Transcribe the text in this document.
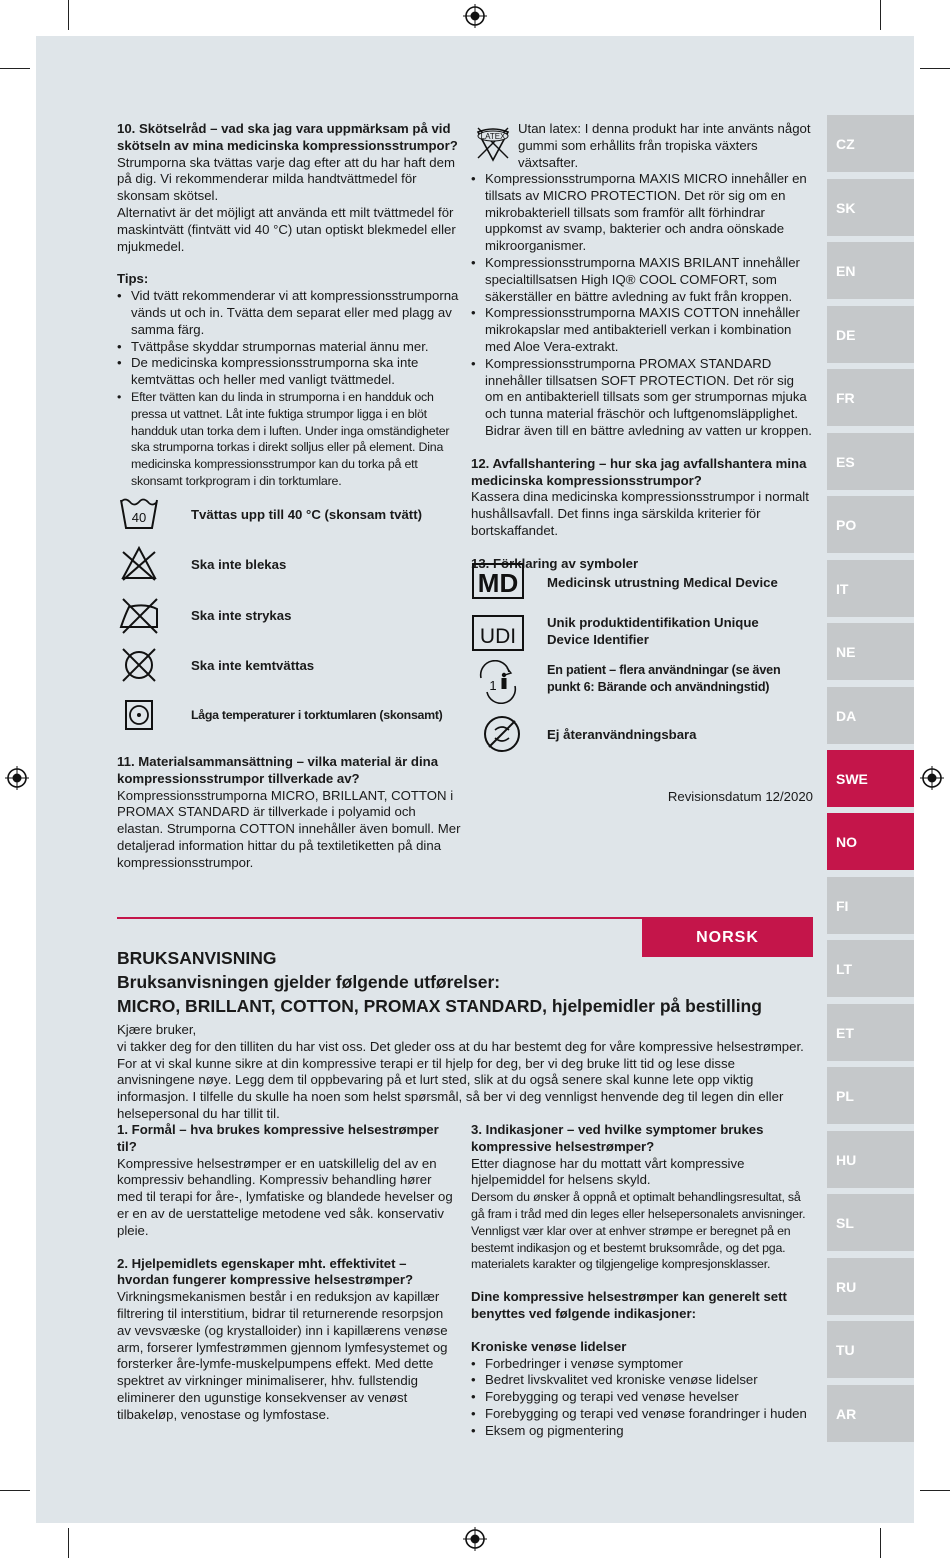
10. Skötselråd – vad ska jag vara uppmärksam på vid skötseln av mina medicinska kompressionsstrumpor?

Strumporna ska tvättas varje dag efter att du har haft dem på dig. Vi rekommenderar milda handtvättmedel för skonsam skötsel.

Alternativt är det möjligt att använda ett milt tvättmedel för maskintvätt (fintvätt vid 40 °C) utan optiskt blekmedel eller mjukmedel.

Tips:

• Vid tvätt rekommenderar vi att kompressionsstrumporna vänds ut och in. Tvätta dem separat eller med plagg av samma färg.
• Tvättpåse skyddar strumpornas material ännu mer.
• De medicinska kompressionsstrumporna ska inte kemtvättas och heller med vanligt tvättmedel.
• Efter tvätten kan du linda in strumporna i en handduk och pressa ut vattnet. Låt inte fuktiga strumpor ligga i en blöt handduk utan torka dem i luften. Under inga omständigheter ska strumporna torkas i direkt solljus eller på element. Dina medicinska kompressionsstrumpor kan du torka på ett skonsamt torkprogram i din torktumlare.
40	Tvättas upp till 40 °C (skonsam tvätt)
Ska inte blekas
Ska inte strykas
Ska inte kemtvättas
Låga temperaturer i torktumlaren (skonsamt)

11. Materialsammansättning – vilka material är dina kompressionsstrumpor tillverkade av?

Kompressionsstrumporna MICRO, BRILLANT, COTTON i PROMAX STANDARD är tillverkade i polyamid och elastan. Strumporna COTTON innehåller även bomull. Mer detaljerad information hittar du på textiletiketten på dina kompressionsstrumpor.

LATEX
Utan latex: I denna produkt har inte använts något gummi som erhållits från tropiska växters växtsafter.
• Kompressionsstrumporna MAXIS MICRO innehåller en tillsats av MICRO PROTECTION. Det rör sig om en mikrobakteriell tillsats som framför allt förhindrar uppkomst av svamp, bakterier och andra oönskade mikroorganismer.
• Kompressionsstrumporna MAXIS BRILANT innehåller specialtillsatsen High IQ® COOL COMFORT, som säkerställer en bättre avledning av fukt från kroppen.
• Kompressionsstrumporna MAXIS COTTON innehåller mikrokapslar med antibakteriell verkan i kombination med Aloe Vera-extrakt.
• Kompressionsstrumporna PROMAX STANDARD innehåller tillsatsen SOFT PROTECTION. Det rör sig om en antibakteriell tillsats som ger strumpornas mjuka och tunna material fräschör och luftgenomsläpplighet. Bidrar även till en bättre avledning av vatten ur kroppen.

12. Avfallshantering – hur ska jag avfallshantera mina medicinska kompressionsstrumpor?

Kassera dina medicinska kompressionsstrumpor i normalt hushållsavfall. Det finns inga särskilda kriterier för bortskaffandet.

13. Förklaring av symboler

MD Medicinsk utrustning Medical Device
UDI
Unik produktidentifikation Unique Device Identifier
1
En patient – flera användningar (se även punkt 6: Bärande och användningstid)
Ej återanvändningsbara
Revisionsdatum 12/2020
CZ
SK
EN
DE
FR
ES
PO
IT
NE
DA
SWE
NO
FI
LT
ET
PL
HU
SL
RU
TU
AR
NORSK
BRUKSANVISNING
Bruksanvisningen gjelder følgende utførelser:
MICRO, BRILLANT, COTTON, PROMAX STANDARD, hjelpemidler på bestilling

Kjære bruker,

vi takker deg for den tilliten du har vist oss. Det gleder oss at du har bestemt deg for våre kompressive helsestrømper. For at vi skal kunne sikre at din kompressive terapi er til hjelp for deg, ber vi deg bruke litt tid og lese disse anvisningene nøye. Legg dem til oppbevaring på et lurt sted, slik at du også senere skal kunne lete opp viktig informasjon. I tilfelle du skulle ha noen som helst spørsmål, så ber vi deg vennligst henvende deg til legen din eller helsepersonal du har tillit til.

1. Formål – hva brukes kompressive helsestrømper til?

Kompressive helsestrømper er en uatskillelig del av en kompressiv behandling. Kompressiv behandling hører med til terapi for åre-, lymfatiske og blandede hevelser og er en av de uerstattelige metodene ved såk. konservativ pleie.

2. Hjelpemidlets egenskaper mht. effektivitet – hvordan fungerer kompressive helsestrømper?

Virkningsmekanismen består i en reduksjon av kapillær filtrering til interstitium, bidrar til returnerende resorpsjon av vevsvæske (og krystalloider) inn i kapillærens venøse arm, forserer lymfestrømmen gjennom lymfesystemet og forsterker åre-lymfe-muskelpumpens effekt. Med dette spektret av virkninger minimaliserer, hhv. fullstendig eliminerer den ugunstige konsekvenser av venøst tilbakeløp, venostase og lymfostase.

3. Indikasjoner – ved hvilke symptomer brukes kompressive helsestrømper?

Etter diagnose har du mottatt vårt kompressive hjelpemiddel for helsens skyld.

Dersom du ønsker å oppnå et optimalt behandlingsresultat, så gå fram i tråd med din leges eller helsepersonalets anvisninger. Vennligst vær klar over at enhver strømpe er beregnet på en bestemt indikasjon og et bestemt bruksområde, og det pga. materialets karakter og tilgjengelige kompresjonsklasser.

Dine kompressive helsestrømper kan generelt sett benyttes ved følgende indikasjoner:

Kroniske venøse lidelser

• Forbedringer i venøse symptomer
• Bedret livskvalitet ved kroniske venøse lidelser
• Forebygging og terapi ved venøse hevelser
• Forebygging og terapi ved venøse forandringer i huden
• Eksem og pigmentering
